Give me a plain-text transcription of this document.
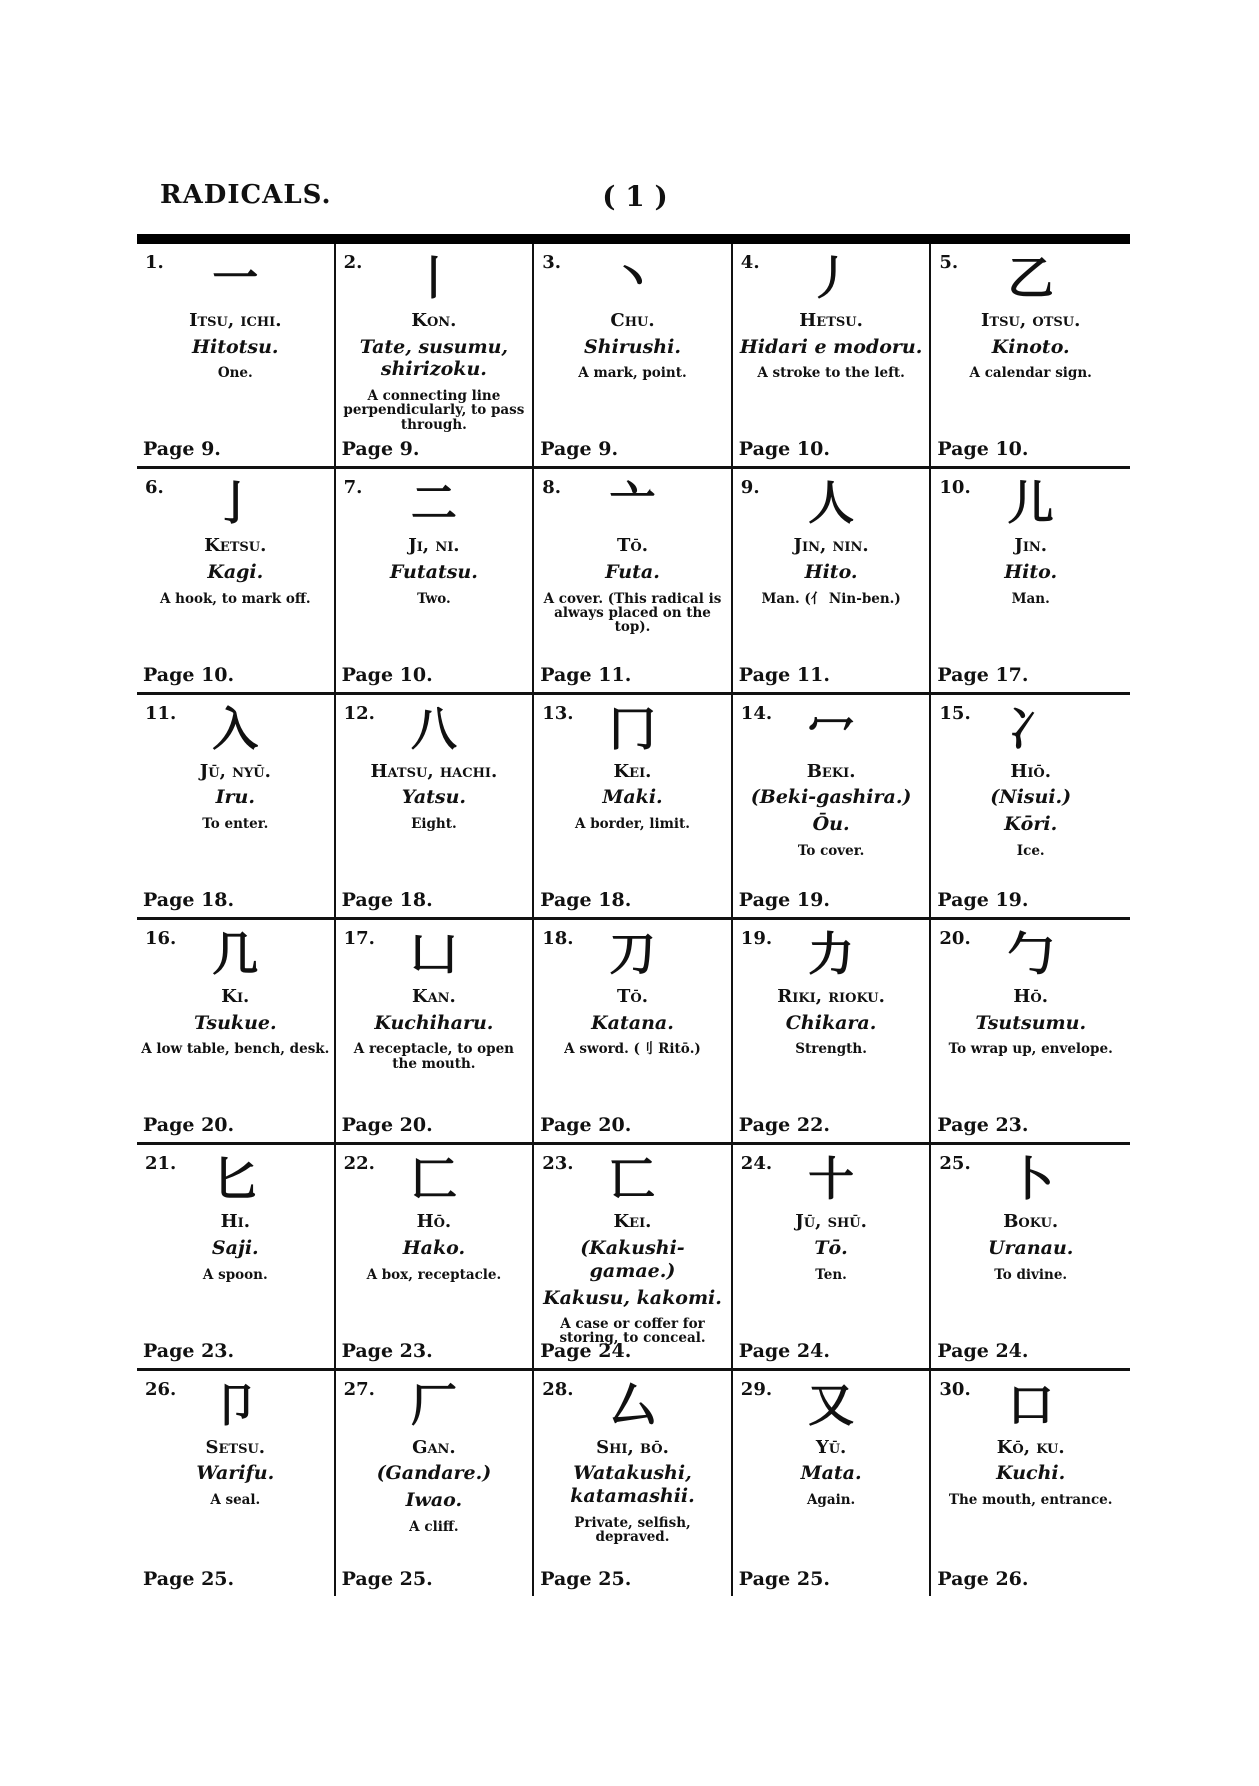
RADICALS.	( 1 )
1.	一
Itsu, ichi.
Hitotsu.
One.
Page 9.
2.	丨
Kon.
Tate, susumu, shirizoku.
A connecting line perpendicularly, to pass through.
Page 9.
3.	丶
Chu.
Shirushi.
A mark, point.
Page 9.
4.	丿
Hetsu.
Hidari e modoru.
A stroke to the left.
Page 10.
5.	乙
Itsu, otsu.
Kinoto.
A calendar sign.
Page 10.
6.	亅
Ketsu.
Kagi.
A hook, to mark off.
Page 10.
7.	二
Ji, ni.
Futatsu.
Two.
Page 10.
8.	亠
Tō.
Futa.
A cover. (This radical is always placed on the top).
Page 11.
9.	人
Jin, nin.
Hito.
Man. (亻 Nin-ben.)
Page 11.
10. 儿
Jin.
Hito.
Man.
Page 17.
11. 入
Jū, nyū.
Iru.
To enter.
Page 18.
12. 八
Hatsu, hachi.
Yatsu.
Eight.
Page 18.
13. 冂
Kei.
Maki.
A border, limit.
Page 18.
14. 冖
Beki.
(Beki-gashira.)
Ōu.
To cover.
Page 19.
15. 冫
Hiō.
(Nisui.)
Kōri.
Ice.
Page 19.
16. 几
Ki.
Tsukue.
A low table, bench, desk.
Page 20.
17. 凵
Kan.
Kuchiharu.
A receptacle, to open the mouth.
Page 20.
18. 刀
Tō.
Katana.
A sword. (刂 Ritō.)
Page 20.
19. 力
Riki, rioku.
Chikara.
Strength.
Page 22.
20. 勹
Hō.
Tsutsumu.
To wrap up, envelope.
Page 23.
21. 匕
Hi.
Saji.
A spoon.
Page 23.
22. 匚
Hō.
Hako.
A box, receptacle.
Page 23.
23. 匸
Kei.
(Kakushi-gamae.)
Kakusu, kakomi.
A case or coffer for storing, to conceal.
Page 24.
24. 十
Jū, shū.
Tō.
Ten.
Page 24.
25. 卜
Boku.
Uranau.
To divine.
Page 24.
26. 卩
Setsu.
Warifu.
A seal.
Page 25.
27. 厂
Gan.
(Gandare.)
Iwao.
A cliff.
Page 25.
28. 厶
Shi, bō.
Watakushi, katamashii.
Private, selfish, depraved.
Page 25.
29. 又
Yū.
Mata.
Again.
Page 25.
30. 口
Kō, ku.
Kuchi.
The mouth, entrance.
Page 26.
